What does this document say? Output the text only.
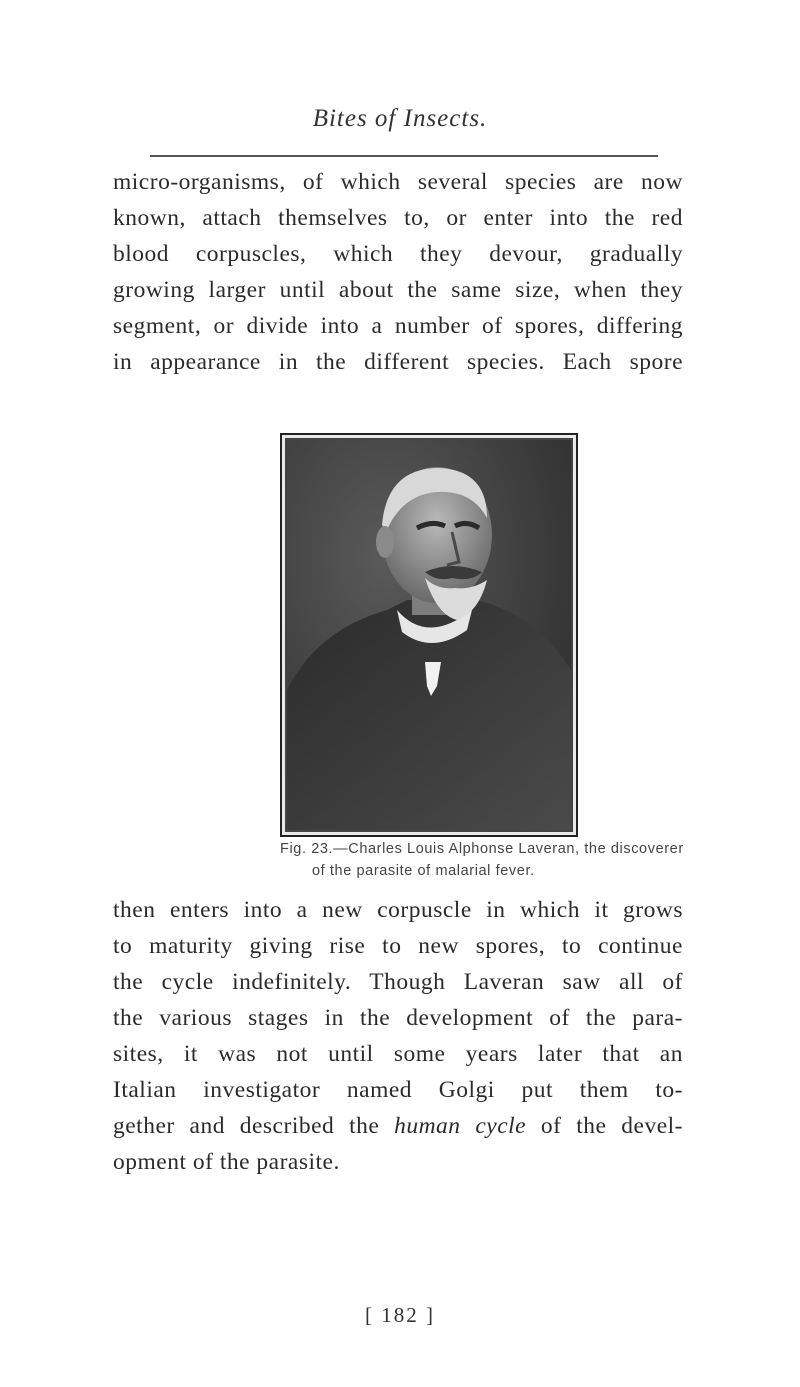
Bites of Insects.
micro-organisms, of which several species are now
known, attach themselves to, or enter into the red
blood corpuscles, which they devour, gradually
growing larger until about the same size, when they
segment, or divide into a number of spores, differing
in appearance in the different species. Each spore
Fig. 23.—Charles Louis Alphonse Laveran, the discoverer
of the parasite of malarial fever.
then enters into a new corpuscle in which it grows
to maturity giving rise to new spores, to continue
the cycle indefinitely. Though Laveran saw all of
the various stages in the development of the para-
sites, it was not until some years later that an
Italian investigator named Golgi put them to-
gether and described the human cycle of the devel-
opment of the parasite.
[ 182 ]
